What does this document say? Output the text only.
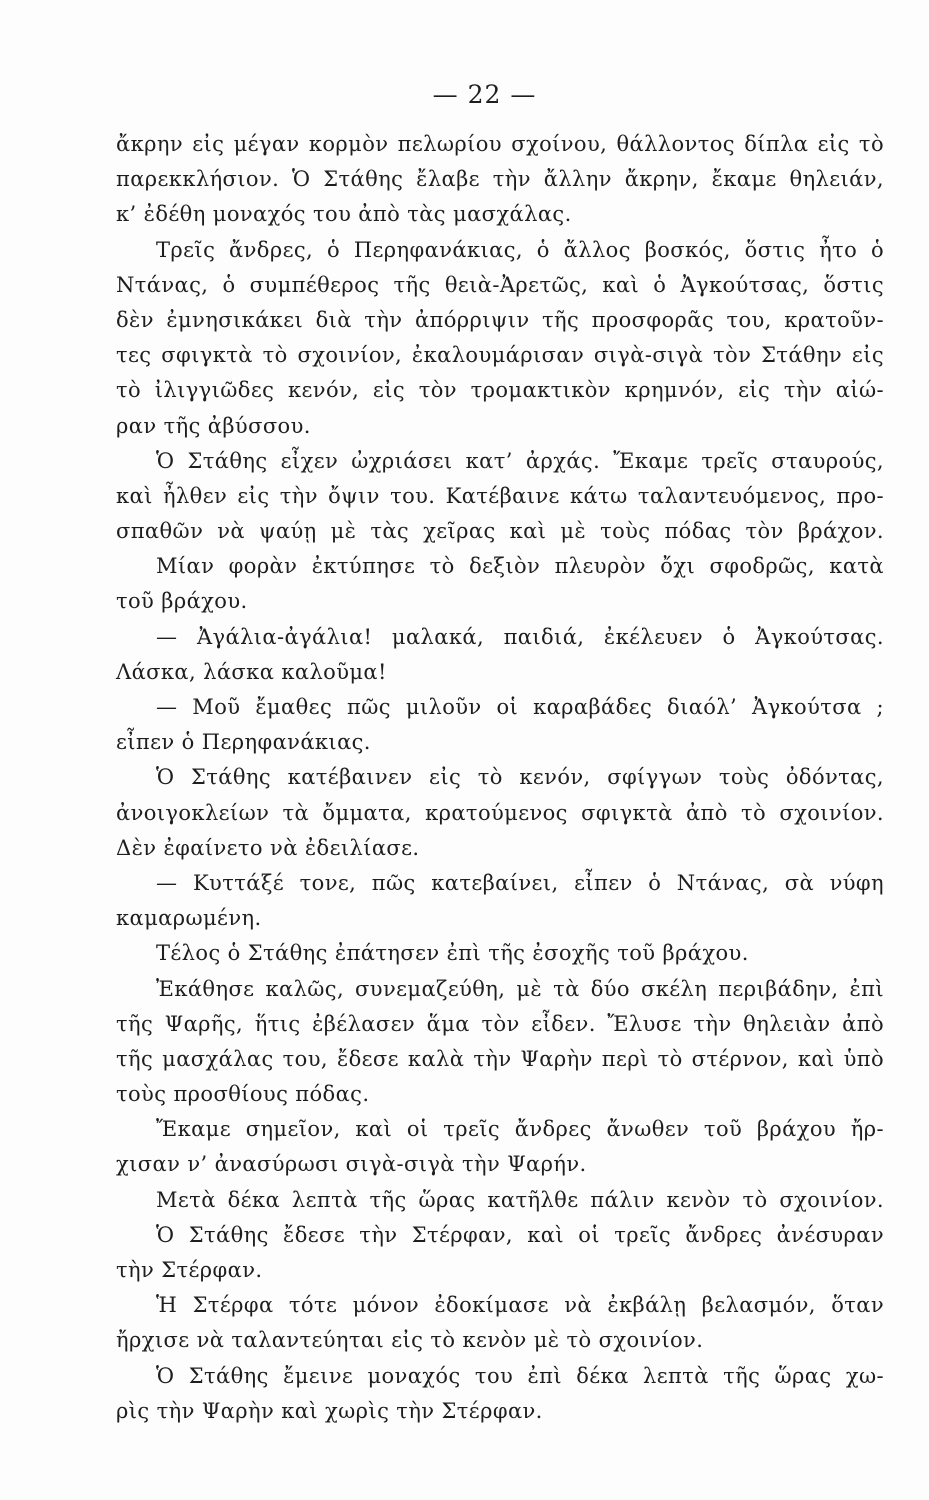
— 22 —
ἄκρην εἰς μέγαν κορμὸν πελωρίου σχοίνου, θάλλοντος δίπλα εἰς τὸ
παρεκκλήσιον. Ὁ Στάθης ἔλαβε τὴν ἄλλην ἄκρην, ἔκαμε θηλειάν,
κ’ ἐδέθη μοναχός του ἀπὸ τὰς μασχάλας.
Τρεῖς ἄνδρες, ὁ Περηφανάκιας, ὁ ἄλλος βοσκός, ὅστις ἦτο ὁ
Ντάνας, ὁ συμπέθερος τῆς θειὰ-Ἀρετῶς, καὶ ὁ Ἀγκούτσας, ὅστις
δὲν ἐμνησικάκει διὰ τὴν ἀπόρριψιν τῆς προσφορᾶς του, κρατοῦν-
τες σφιγκτὰ τὸ σχοινίον, ἐκαλουμάρισαν σιγὰ-σιγὰ τὸν Στάθην εἰς
τὸ ἰλιγγιῶδες κενόν, εἰς τὸν τρομακτικὸν κρημνόν, εἰς τὴν αἰώ-
ραν τῆς ἀβύσσου.
Ὁ Στάθης εἶχεν ὠχριάσει κατ’ ἀρχάς. Ἔκαμε τρεῖς σταυρούς,
καὶ ἦλθεν εἰς τὴν ὄψιν του. Κατέβαινε κάτω ταλαντευόμενος, προ-
σπαθῶν νὰ ψαύῃ μὲ τὰς χεῖρας καὶ μὲ τοὺς πόδας τὸν βράχον.
Μίαν φορὰν ἐκτύπησε τὸ δεξιὸν πλευρὸν ὄχι σφοδρῶς, κατὰ
τοῦ βράχου.
— Ἀγάλια-ἀγάλια! μαλακά, παιδιά, ἐκέλευεν ὁ Ἀγκούτσας.
Λάσκα, λάσκα καλοῦμα!
— Μοῦ ἔμαθες πῶς μιλοῦν οἱ καραβάδες διαόλ’ Ἀγκούτσα ;
εἶπεν ὁ Περηφανάκιας.
Ὁ Στάθης κατέβαινεν εἰς τὸ κενόν, σφίγγων τοὺς ὀδόντας,
ἀνοιγοκλείων τὰ ὄμματα, κρατούμενος σφιγκτὰ ἀπὸ τὸ σχοινίον.
Δὲν ἐφαίνετο νὰ ἐδειλίασε.
— Κυττάξέ τονε, πῶς κατεβαίνει, εἶπεν ὁ Ντάνας, σὰ νύφη
καμαρωμένη.
Τέλος ὁ Στάθης ἐπάτησεν ἐπὶ τῆς ἐσοχῆς τοῦ βράχου.
Ἐκάθησε καλῶς, συνεμαζεύθη, μὲ τὰ δύο σκέλη περιβάδην, ἐπὶ
τῆς Ψαρῆς, ἥτις ἐβέλασεν ἅμα τὸν εἶδεν. Ἔλυσε τὴν θηλειὰν ἀπὸ
τῆς μασχάλας του, ἔδεσε καλὰ τὴν Ψαρὴν περὶ τὸ στέρνον, καὶ ὑπὸ
τοὺς προσθίους πόδας.
Ἔκαμε σημεῖον, καὶ οἱ τρεῖς ἄνδρες ἄνωθεν τοῦ βράχου ἤρ-
χισαν ν’ ἀνασύρωσι σιγὰ-σιγὰ τὴν Ψαρήν.
Μετὰ δέκα λεπτὰ τῆς ὥρας κατῆλθε πάλιν κενὸν τὸ σχοινίον.
Ὁ Στάθης ἔδεσε τὴν Στέρφαν, καὶ οἱ τρεῖς ἄνδρες ἀνέσυραν
τὴν Στέρφαν.
Ἡ Στέρφα τότε μόνον ἐδοκίμασε νὰ ἐκβάλῃ βελασμόν, ὅταν
ἤρχισε νὰ ταλαντεύηται εἰς τὸ κενὸν μὲ τὸ σχοινίον.
Ὁ Στάθης ἔμεινε μοναχός του ἐπὶ δέκα λεπτὰ τῆς ὥρας χω-
ρὶς τὴν Ψαρὴν καὶ χωρὶς τὴν Στέρφαν.
